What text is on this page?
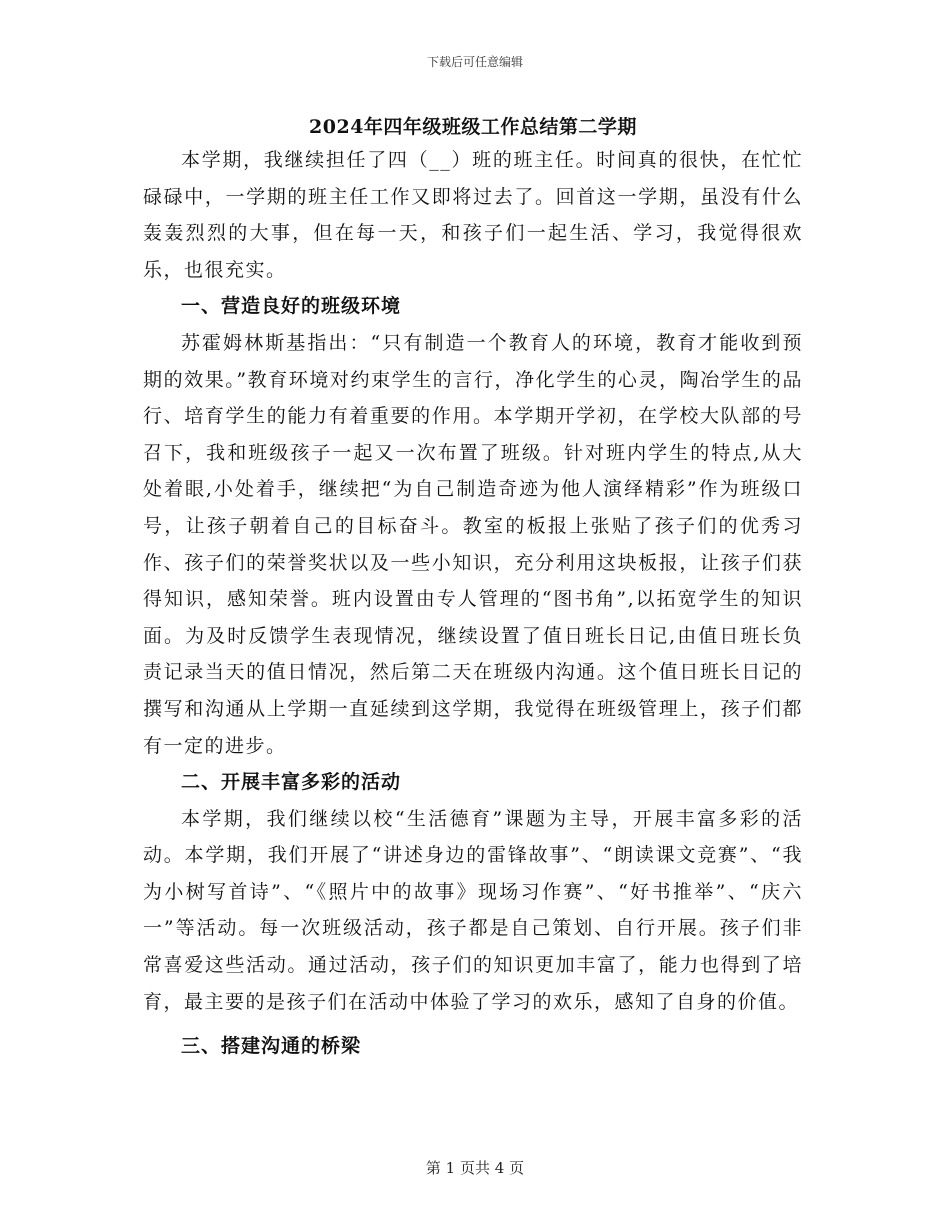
下载后可任意编辑
2024年四年级班级工作总结第二学期

本学期，我继续担任了四（__）班的班主任。时间真的很快，在忙忙碌碌中，一学期的班主任工作又即将过去了。回首这一学期，虽没有什么轰轰烈烈的大事，但在每一天，和孩子们一起生活、学习，我觉得很欢乐，也很充实。

一、营造良好的班级环境

苏霍姆林斯基指出：“只有制造一个教育人的环境，教育才能收到预期的效果。”教育环境对约束学生的言行，净化学生的心灵，陶冶学生的品行、培育学生的能力有着重要的作用。本学期开学初，在学校大队部的号召下，我和班级孩子一起又一次布置了班级。针对班内学生的特点,从大处着眼,小处着手，继续把“为自己制造奇迹为他人演绎精彩”作为班级口号，让孩子朝着自己的目标奋斗。教室的板报上张贴了孩子们的优秀习作、孩子们的荣誉奖状以及一些小知识，充分利用这块板报，让孩子们获得知识，感知荣誉。班内设置由专人管理的“图书角”,以拓宽学生的知识面。为及时反馈学生表现情况，继续设置了值日班长日记,由值日班长负责记录当天的值日情况，然后第二天在班级内沟通。这个值日班长日记的撰写和沟通从上学期一直延续到这学期，我觉得在班级管理上，孩子们都有一定的进步。

二、开展丰富多彩的活动

本学期，我们继续以校“生活德育”课题为主导，开展丰富多彩的活动。本学期，我们开展了“讲述身边的雷锋故事”、“朗读课文竞赛”、“我为小树写首诗”、“《照片中的故事》现场习作赛”、“好书推举”、“庆六一”等活动。每一次班级活动，孩子都是自己策划、自行开展。孩子们非常喜爱这些活动。通过活动，孩子们的知识更加丰富了，能力也得到了培育，最主要的是孩子们在活动中体验了学习的欢乐，感知了自身的价值。

三、搭建沟通的桥梁
第 1 页共 4 页
